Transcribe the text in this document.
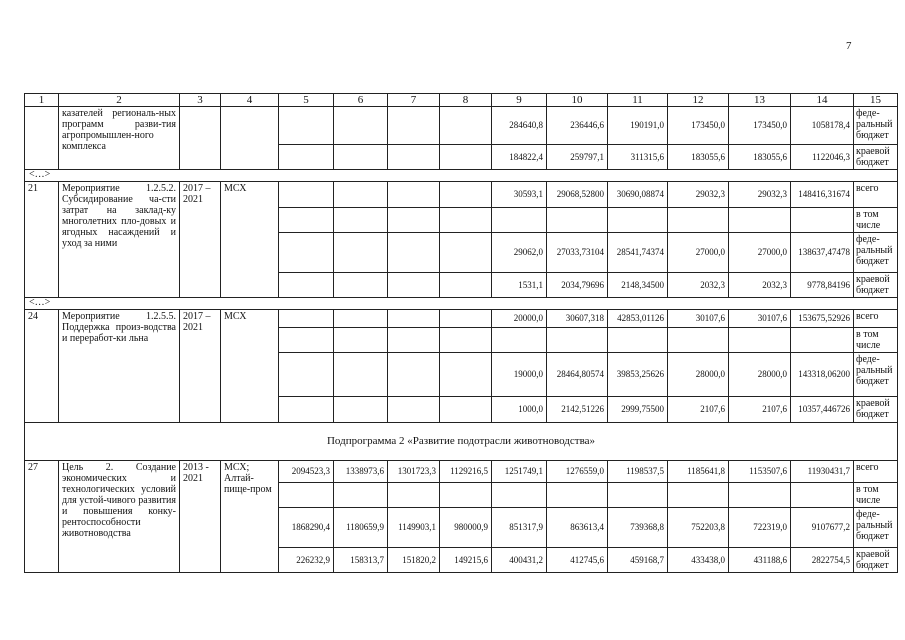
7
1	2	3	4	5	6	7	8	9	10	11	12	13	14	15
	казателей региональ-ных программ разви-тия агропромышлен-ного комплекса							284640,8	236446,6	190191,0	173450,0	173450,0	1058178,4	феде-ральный бюджет
								184822,4	259797,1	311315,6	183055,6	183055,6	1122046,3	краевой бюджет
<…>														
21	Мероприятие 1.2.5.2. Субсидирование ча-сти затрат на заклад-ку многолетних пло-довых и ягодных насаждений и уход за ними	2017 – 2021	МСХ					30593,1	29068,52800	30690,08874	29032,3	29032,3	148416,31674	всего
														в том числе
								29062,0	27033,73104	28541,74374	27000,0	27000,0	138637,47478	феде-ральный бюджет
								1531,1	2034,79696	2148,34500	2032,3	2032,3	9778,84196	краевой бюджет
<…>														
24	Мероприятие 1.2.5.5. Поддержка произ-водства и переработ-ки льна	2017 – 2021	МСХ					20000,0	30607,318	42853,01126	30107,6	30107,6	153675,52926	всего
														в том числе
								19000,0	28464,80574	39853,25626	28000,0	28000,0	143318,06200	феде-ральный бюджет
								1000,0	2142,51226	2999,75500	2107,6	2107,6	10357,446726	краевой бюджет
Подпрограмма 2 «Развитие подотрасли животноводства»														
27	Цель 2. Создание экономических и технологических условий для устой-чивого развития и повышения конку-рентоспособности животноводства	2013 - 2021	МСХ; Алтай-пище-пром	2094523,3	1338973,6	1301723,3	1129216,5	1251749,1	1276559,0	1198537,5	1185641,8	1153507,6	11930431,7	всего
														в том числе
				1868290,4	1180659,9	1149903,1	980000,9	851317,9	863613,4	739368,8	752203,8	722319,0	9107677,2	феде-ральный бюджет
				226232,9	158313,7	151820,2	149215,6	400431,2	412745,6	459168,7	433438,0	431188,6	2822754,5	краевой бюджет
